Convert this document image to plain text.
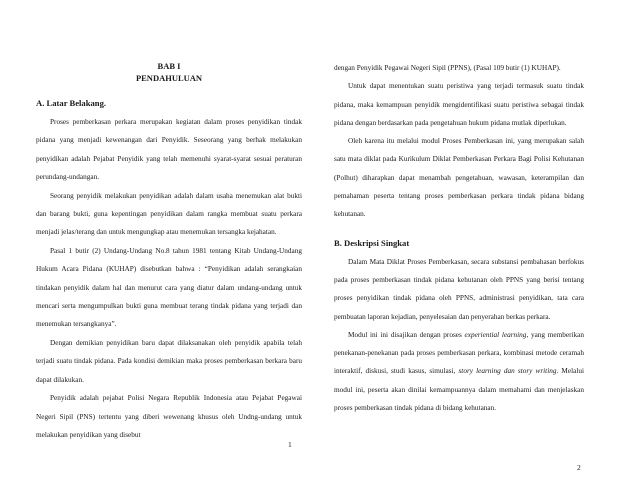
BAB I
PENDAHULUAN
A. Latar Belakang.

Proses pemberkasan perkara merupakan kegiatan dalam proses penyidikan tindak pidana yang menjadi kewenangan dari Penyidik. Seseorang yang berhak melakukan penyidikan adalah Pejabat Penyidik yang telah memenuhi syarat-syarat sesuai peraturan perundang-undangan.

Seorang penyidik melakukan penyidikan adalah dalam usaha menemukan alat bukti dan barang bukti, guna kepentingan penyidikan dalam rangka membuat suatu perkara menjadi jelas/terang dan untuk mengungkap atau menemukan tersangka kejahatan.

Pasal 1 butir (2) Undang-Undang No.8 tahun 1981 tentang Kitab Undang-Undang Hukum Acara Pidana (KUHAP) disebutkan bahwa : “Penyidikan adalah serangkaian tindakan penyidik dalam hal dan menurut cara yang diatur dalam undang-undang untuk mencari serta mengumpulkan bukti guna membuat terang tindak pidana yang terjadi dan menemukan tersangkanya”.

Dengan demikian penyidikan baru dapat dilaksanakan oleh penyidik apabila telah terjadi suatu tindak pidana. Pada kondisi demikian maka proses pemberkasan berkara baru dapat dilakukan.

Penyidik adalah pejabat Polisi Negara Republik Indonesia atau Pejabat Pegawai Negeri Sipil (PNS) tertentu yang diberi wewenang khusus oleh Undng-undang untuk melakukan penyidikan yang disebut

1

dengan Penyidik Pegawai Negeri Sipil (PPNS), (Pasal 109 butir (1) KUHAP).

Untuk dapat menentukan suatu peristiwa yang terjadi termasuk suatu tindak pidana, maka kemampuan penyidik mengidentifikasi suatu peristiwa sebagai tindak pidana dengan berdasarkan pada pengetahuan hukum pidana mutlak diperlukan.

Oleh karena itu melalui modul Proses Pemberkasan ini, yang merupakan salah satu mata diklat pada Kurikulum Diklat Pemberkasan Perkara Bagi Polisi Kehutanan (Polhut) diharapkan dapat menambah pengetahuan, wawasan, keterampilan dan pemahaman peserta tentang proses pemberkasan perkara tindak pidana bidang kehutanan.

B. Deskripsi Singkat

Dalam Mata Diklat Proses Pemberkasan, secara substansi pembahasan berfokus pada proses pemberkasan tindak pidana kehutanan oleh PPNS yang berisi tentang proses penyidikan tindak pidana oleh PPNS, administrasi penyidikan, tata cara pembuatan laporan kejadian, penyelesaian dan penyerahan berkas perkara.

Modul ini ini disajikan dengan proses experiential learning, yang memberikan penekanan-penekanan pada proses pemberkasan perkara, kombinasi metode ceramah interaktif, diskusi, studi kasus, simulasi, story learning dan story writing. Melalui modul ini, peserta akan dinilai kemampuannya dalam memahami dan menjelaskan proses pemberkasan tindak pidana di bidang kehutanan.

2
